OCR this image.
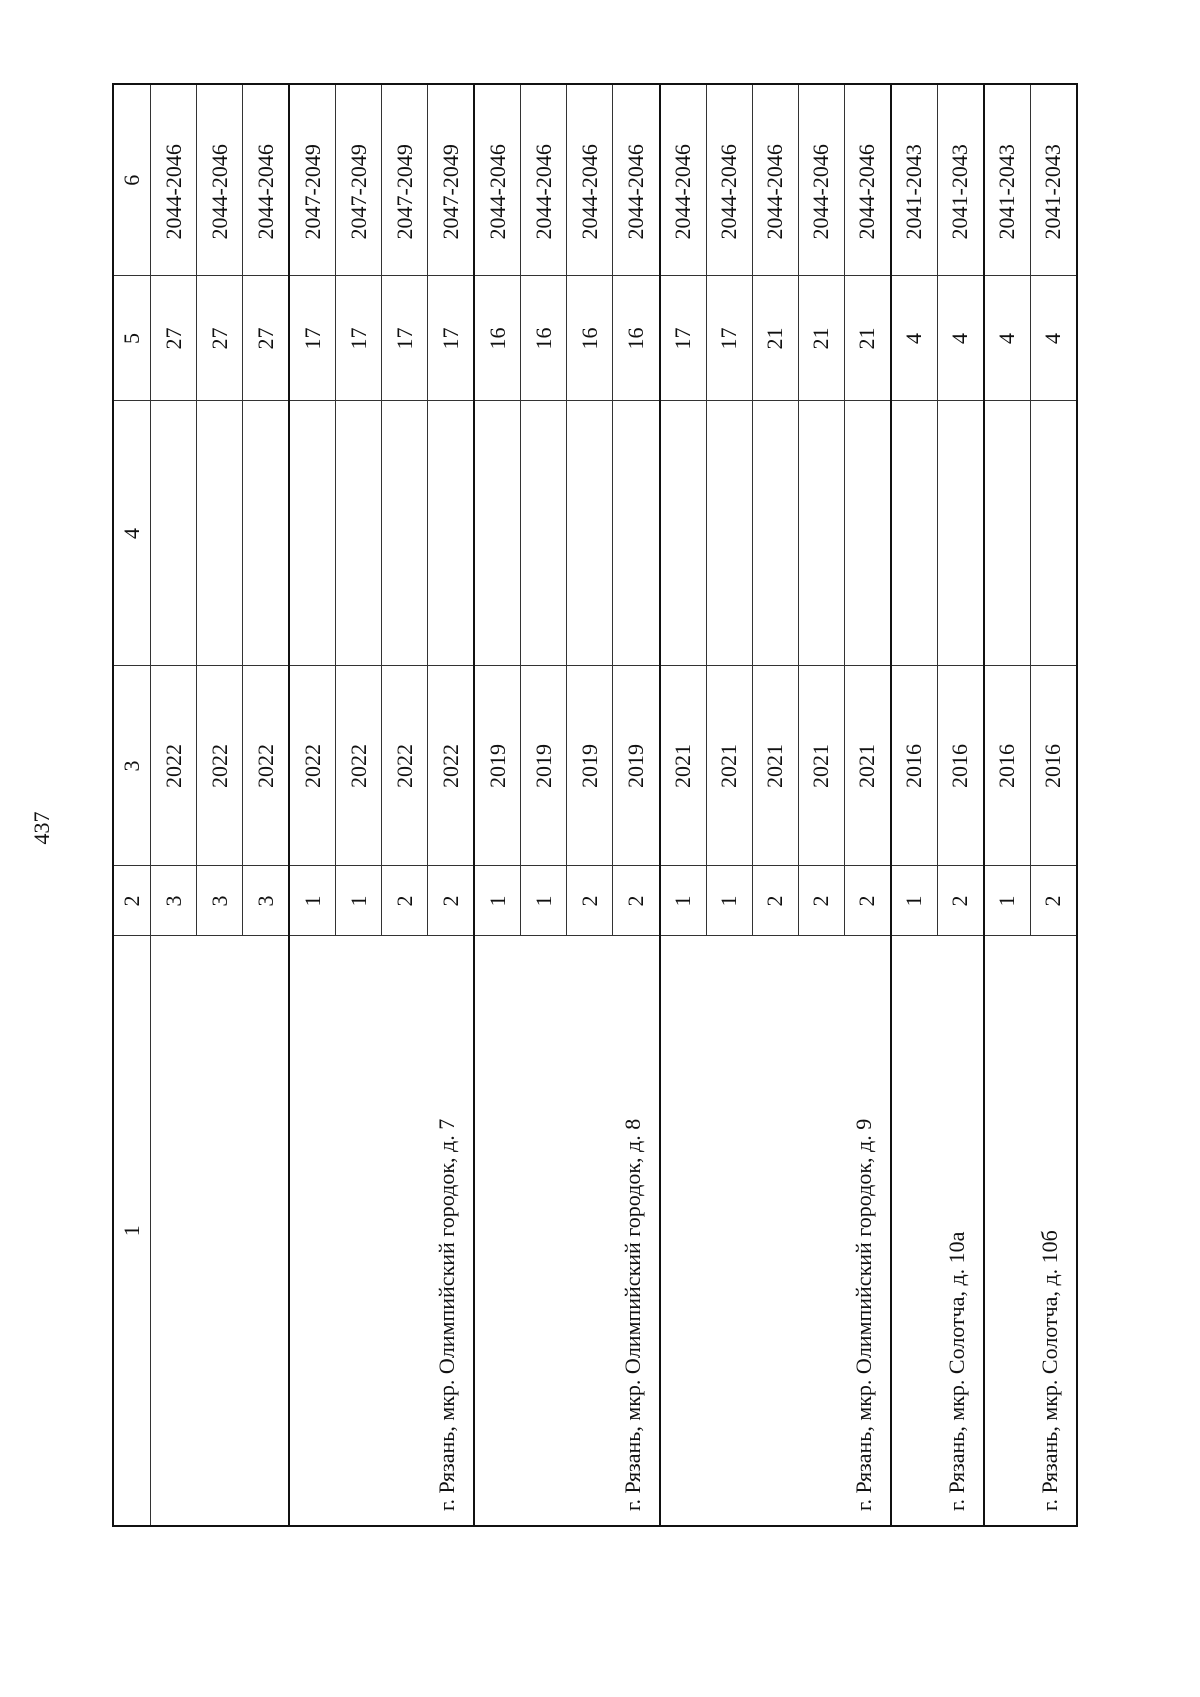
437
1	2	3	4	5	6
	3	2022		27	2044-2046
	3	2022		27	2044-2046
	3	2022		27	2044-2046
г. Рязань, мкр. Олимпийский городок, д. 7	1	2022		17	2047-2049
	1	2022		17	2047-2049
	2	2022		17	2047-2049
	2	2022		17	2047-2049
г. Рязань, мкр. Олимпийский городок, д. 8	1	2019		16	2044-2046
	1	2019		16	2044-2046
	2	2019		16	2044-2046
	2	2019		16	2044-2046
г. Рязань, мкр. Олимпийский городок, д. 9	1	2021		17	2044-2046
	1	2021		17	2044-2046
	2	2021		21	2044-2046
	2	2021		21	2044-2046
	2	2021		21	2044-2046
г. Рязань, мкр. Солотча, д. 10а	1	2016		4	2041-2043
	2	2016		4	2041-2043
г. Рязань, мкр. Солотча, д. 10б	1	2016		4	2041-2043
	2	2016		4	2041-2043
